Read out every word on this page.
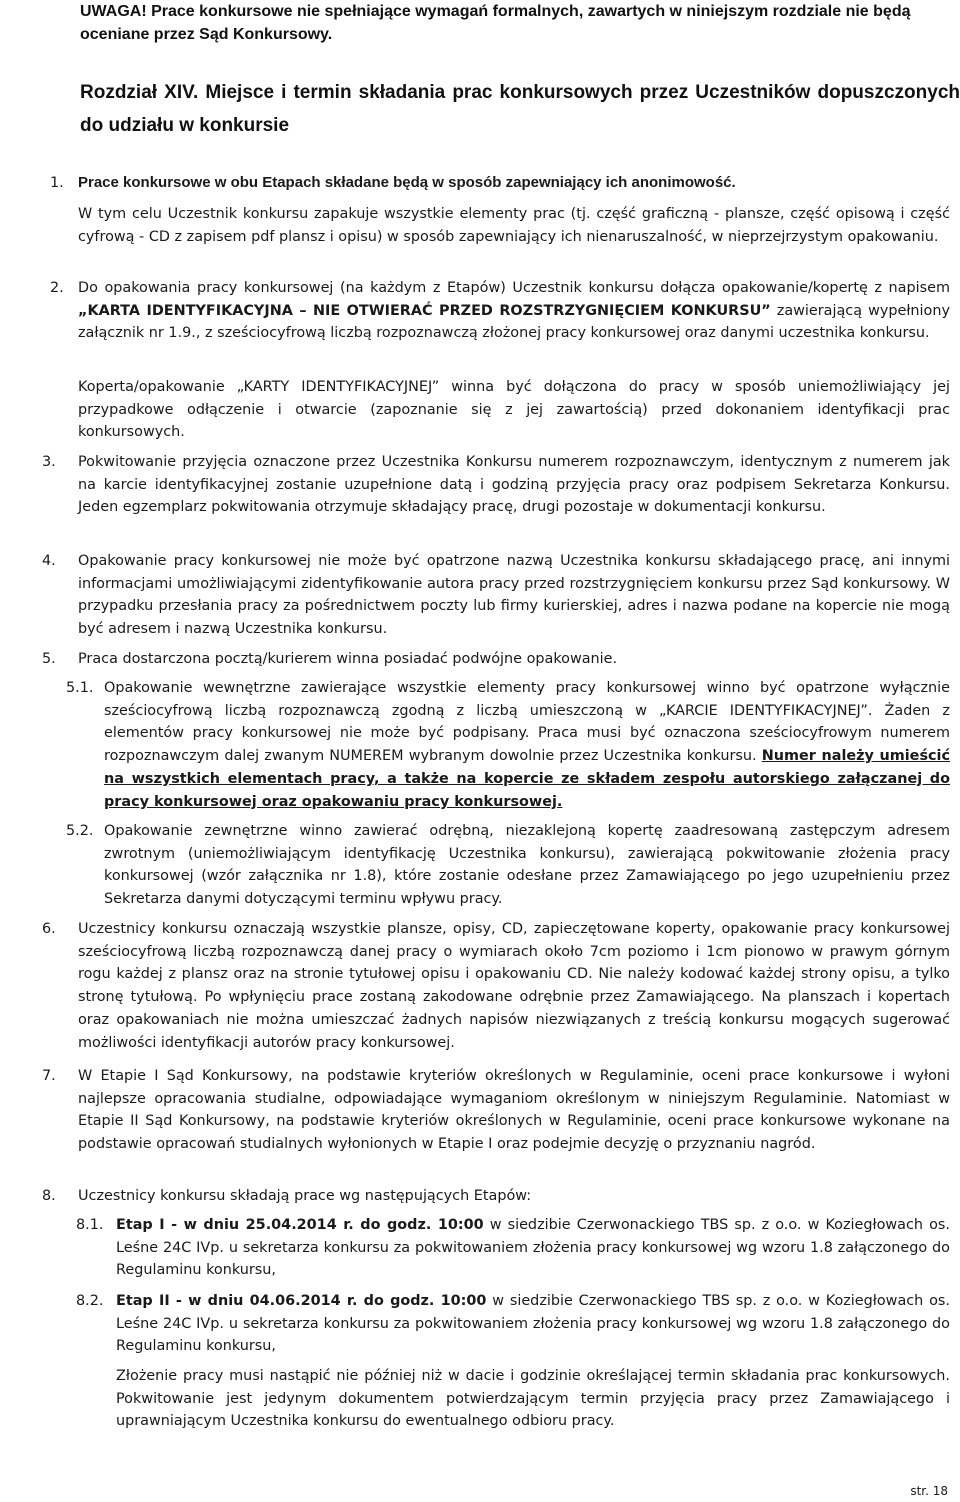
UWAGA! Prace konkursowe nie spełniające wymagań formalnych, zawartych w niniejszym rozdziale nie będą oceniane przez Sąd Konkursowy.
Rozdział XIV. Miejsce i termin składania prac konkursowych przez Uczestników dopuszczonych do udziału w konkursie
1. Prace konkursowe w obu Etapach składane będą w sposób zapewniający ich anonimowość.
W tym celu Uczestnik konkursu zapakuje wszystkie elementy prac (tj. część graficzną - plansze, część opisową i część cyfrową - CD z zapisem pdf plansz i opisu) w sposób zapewniający ich nienaruszalność, w nieprzejrzystym opakowaniu.
2. Do opakowania pracy konkursowej (na każdym z Etapów) Uczestnik konkursu dołącza opakowanie/kopertę z napisem „KARTA IDENTYFIKACYJNA – NIE OTWIERAĆ PRZED ROZSTRZYGNIĘCIEM KONKURSU” zawierającą wypełniony załącznik nr 1.9., z sześciocyfrową liczbą rozpoznawczą złożonej pracy konkursowej oraz danymi uczestnika konkursu.
Koperta/opakowanie „KARTY IDENTYFIKACYJNEJ” winna być dołączona do pracy w sposób uniemożliwiający jej przypadkowe odłączenie i otwarcie (zapoznanie się z jej zawartością) przed dokonaniem identyfikacji prac konkursowych.
3. Pokwitowanie przyjęcia oznaczone przez Uczestnika Konkursu numerem rozpoznawczym, identycznym z numerem jak na karcie identyfikacyjnej zostanie uzupełnione datą i godziną przyjęcia pracy oraz podpisem Sekretarza Konkursu. Jeden egzemplarz pokwitowania otrzymuje składający pracę, drugi pozostaje w dokumentacji konkursu.
4. Opakowanie pracy konkursowej nie może być opatrzone nazwą Uczestnika konkursu składającego pracę, ani innymi informacjami umożliwiającymi zidentyfikowanie autora pracy przed rozstrzygnięciem konkursu przez Sąd konkursowy. W przypadku przesłania pracy za pośrednictwem poczty lub firmy kurierskiej, adres i nazwa podane na kopercie nie mogą być adresem i nazwą Uczestnika konkursu.
5. Praca dostarczona pocztą/kurierem winna posiadać podwójne opakowanie.
5.1. Opakowanie wewnętrzne zawierające wszystkie elementy pracy konkursowej winno być opatrzone wyłącznie sześciocyfrową liczbą rozpoznawczą zgodną z liczbą umieszczoną w „KARCIE IDENTYFIKACYJNEJ”. Żaden z elementów pracy konkursowej nie może być podpisany. Praca musi być oznaczona sześciocyfrowym numerem rozpoznawczym dalej zwanym NUMEREM wybranym dowolnie przez Uczestnika konkursu. Numer należy umieścić na wszystkich elementach pracy, a także na kopercie ze składem zespołu autorskiego załączanej do pracy konkursowej oraz opakowaniu pracy konkursowej.
5.2. Opakowanie zewnętrzne winno zawierać odrębną, niezaklejoną kopertę zaadresowaną zastępczym adresem zwrotnym (uniemożliwiającym identyfikację Uczestnika konkursu), zawierającą pokwitowanie złożenia pracy konkursowej (wzór załącznika nr 1.8), które zostanie odesłane przez Zamawiającego po jego uzupełnieniu przez Sekretarza danymi dotyczącymi terminu wpływu pracy.
6. Uczestnicy konkursu oznaczają wszystkie plansze, opisy, CD, zapieczętowane koperty, opakowanie pracy konkursowej sześciocyfrową liczbą rozpoznawczą danej pracy o wymiarach około 7cm poziomo i 1cm pionowo w prawym górnym rogu każdej z plansz oraz na stronie tytułowej opisu i opakowaniu CD. Nie należy kodować każdej strony opisu, a tylko stronę tytułową. Po wpłynięciu prace zostaną zakodowane odrębnie przez Zamawiającego. Na planszach i kopertach oraz opakowaniach nie można umieszczać żadnych napisów niezwiązanych z treścią konkursu mogących sugerować możliwości identyfikacji autorów pracy konkursowej.
7. W Etapie I Sąd Konkursowy, na podstawie kryteriów określonych w Regulaminie, oceni prace konkursowe i wyłoni najlepsze opracowania studialne, odpowiadające wymaganiom określonym w niniejszym Regulaminie. Natomiast w Etapie II Sąd Konkursowy, na podstawie kryteriów określonych w Regulaminie, oceni prace konkursowe wykonane na podstawie opracowań studialnych wyłonionych w Etapie I oraz podejmie decyzję o przyznaniu nagród.
8. Uczestnicy konkursu składają prace wg następujących Etapów:
8.1. Etap I - w dniu 25.04.2014 r. do godz. 10:00 w siedzibie Czerwonackiego TBS sp. z o.o. w Koziegłowach os. Leśne 24C IVp. u sekretarza konkursu za pokwitowaniem złożenia pracy konkursowej wg wzoru 1.8 załączonego do Regulaminu konkursu,
8.2. Etap II - w dniu 04.06.2014 r. do godz. 10:00 w siedzibie Czerwonackiego TBS sp. z o.o. w Koziegłowach os. Leśne 24C IVp. u sekretarza konkursu za pokwitowaniem złożenia pracy konkursowej wg wzoru 1.8 załączonego do Regulaminu konkursu,
Złożenie pracy musi nastąpić nie później niż w dacie i godzinie określającej termin składania prac konkursowych. Pokwitowanie jest jedynym dokumentem potwierdzającym termin przyjęcia pracy przez Zamawiającego i uprawniającym Uczestnika konkursu do ewentualnego odbioru pracy.
str. 18
